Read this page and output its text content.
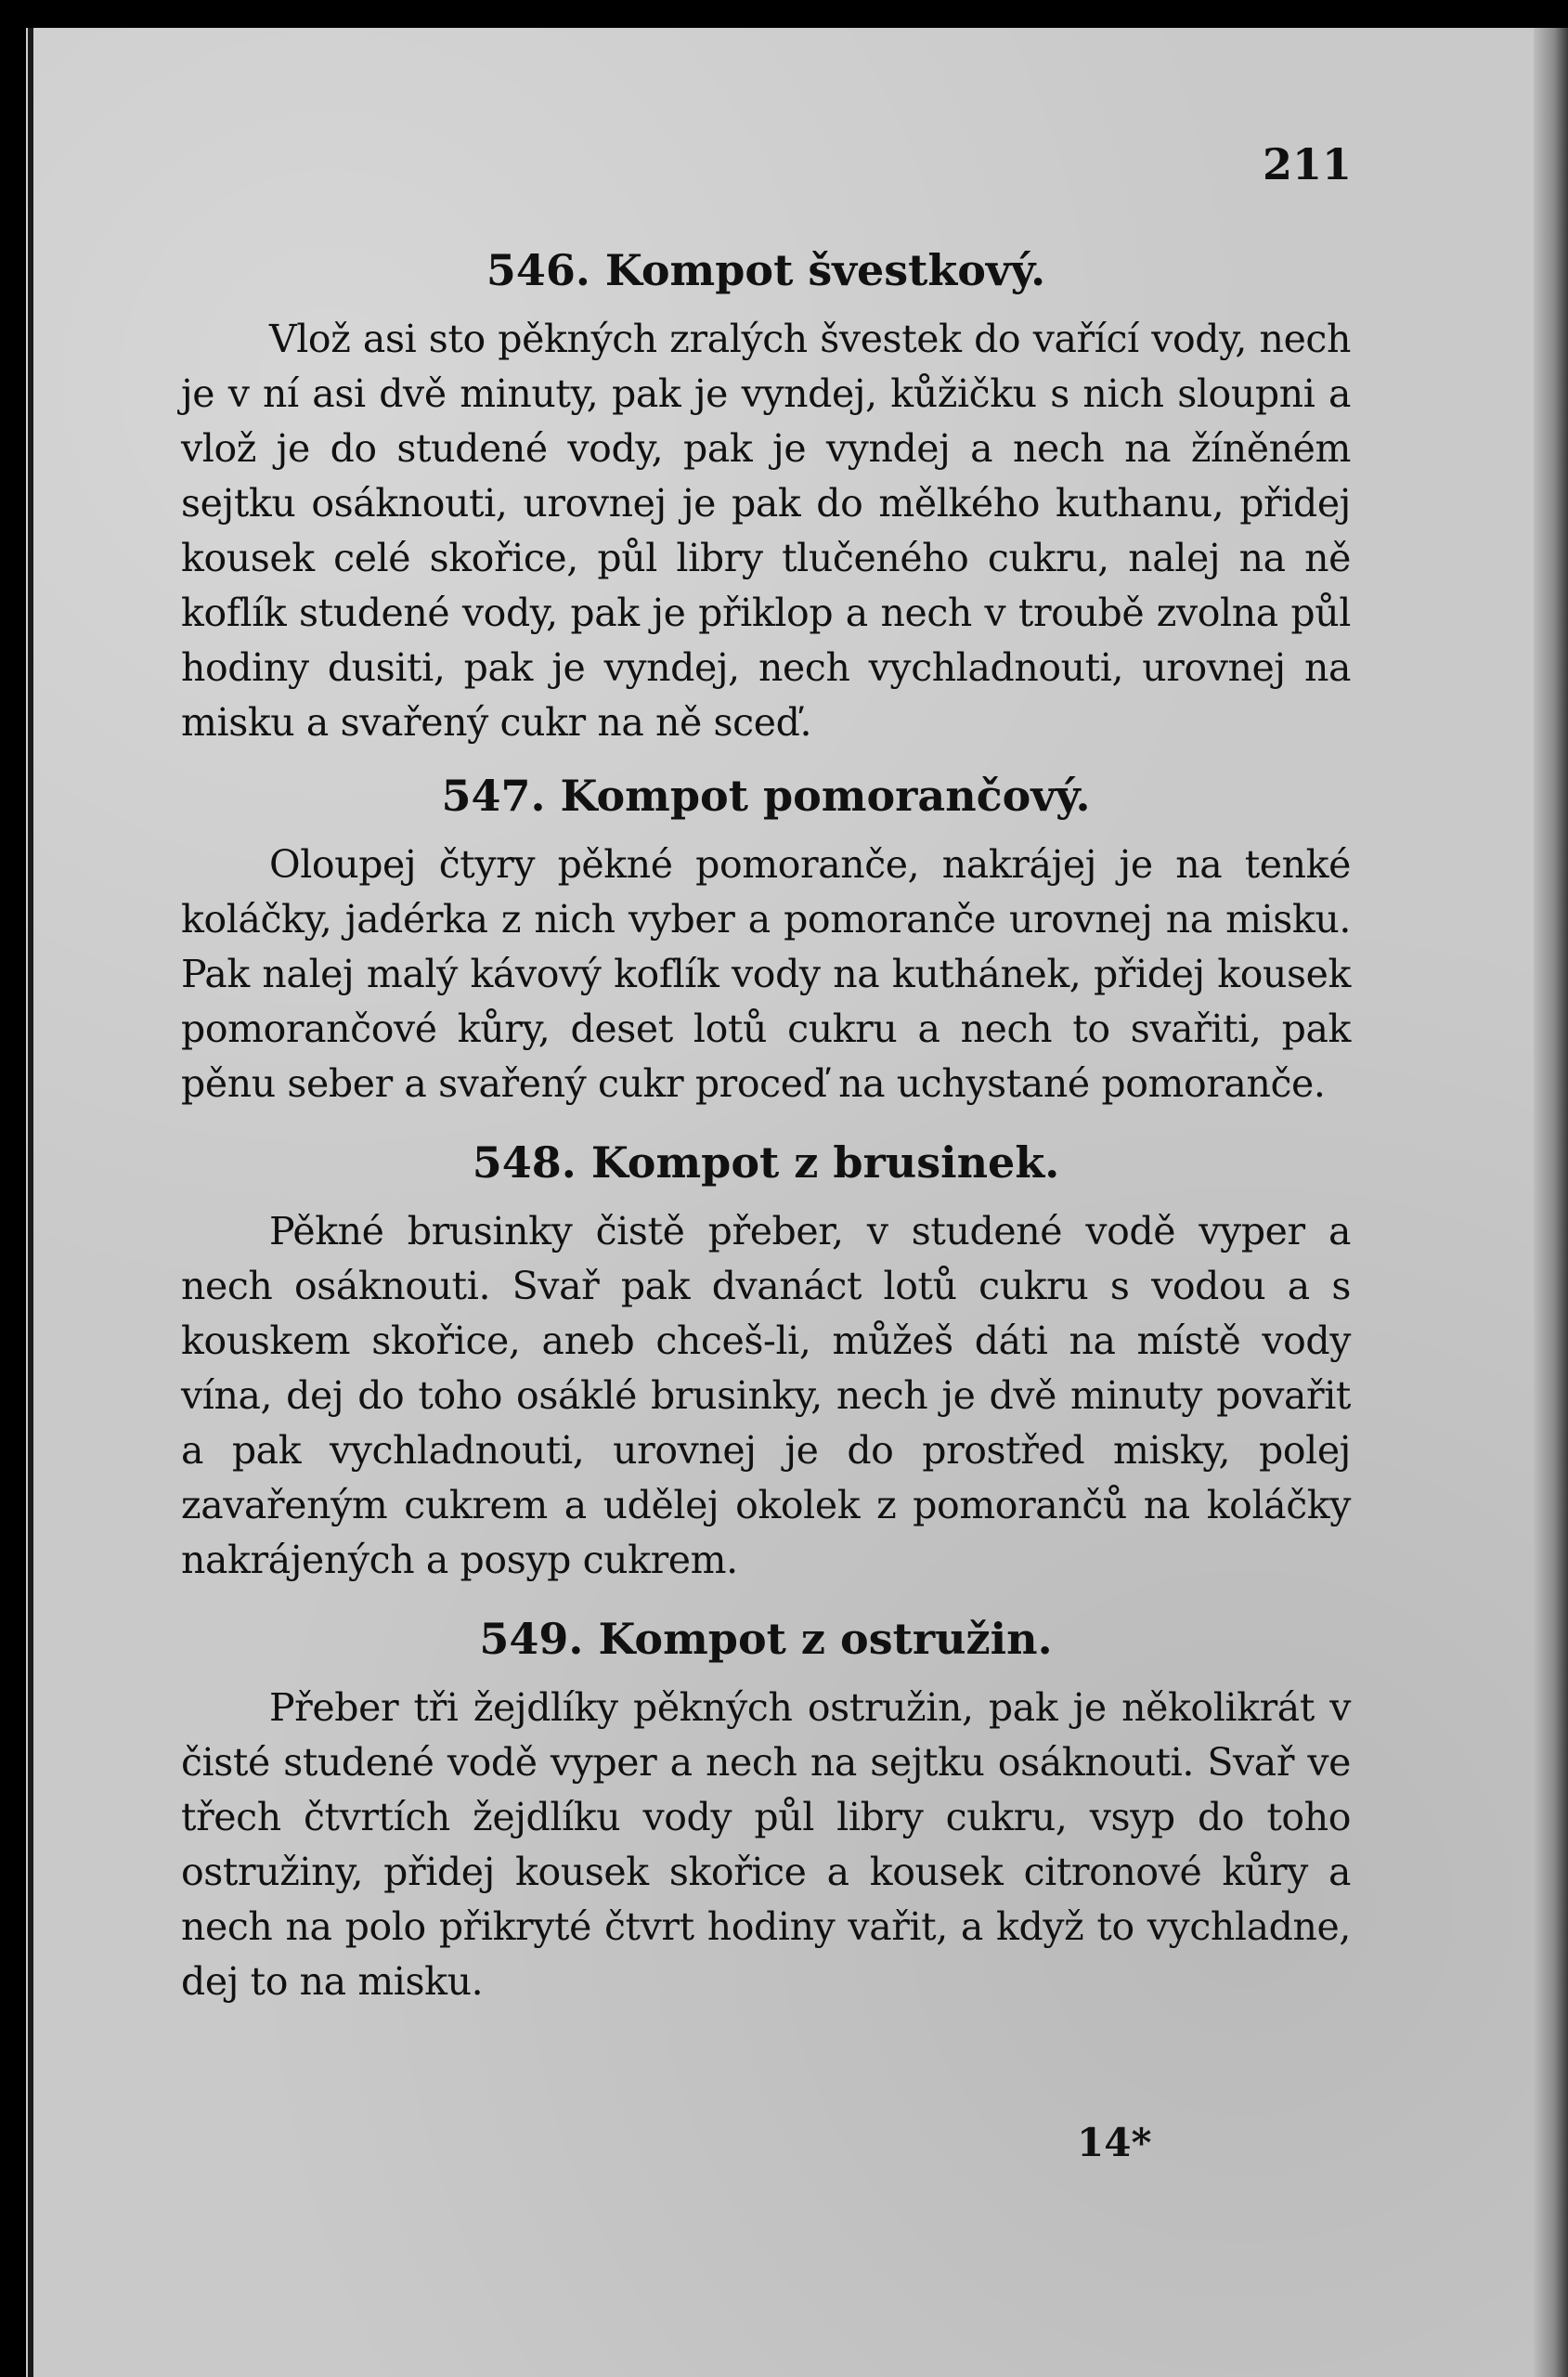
211
546. Kompot švestkový.

Vlož asi sto pěkných zralých švestek do vařící vody, nech je v ní asi dvě minuty, pak je vyndej, kůžičku s nich sloupni a vlož je do studené vody, pak je vyndej a nech na žíněném sejtku osáknouti, urovnej je pak do mělkého kuthanu, přidej kousek celé skořice, půl libry tlučeného cukru, nalej na ně koflík studené vody, pak je přiklop a nech v troubě zvolna půl hodiny dusiti, pak je vyndej, nech vychladnouti, urovnej na misku a svařený cukr na ně sceď.

547. Kompot pomorančový.

Oloupej čtyry pěkné pomoranče, nakrájej je na tenké koláčky, jadérka z nich vyber a pomoranče urovnej na misku. Pak nalej malý kávový koflík vody na kuthánek, přidej kousek pomorančové kůry, deset lotů cukru a nech to svařiti, pak pěnu seber a svařený cukr proceď na uchystané pomoranče.

548. Kompot z brusinek.

Pěkné brusinky čistě přeber, v studené vodě vyper a nech osáknouti. Svař pak dvanáct lotů cukru s vodou a s kouskem skořice, aneb chceš-li, můžeš dáti na místě vody vína, dej do toho osáklé brusinky, nech je dvě minuty povařit a pak vychladnouti, urovnej je do prostřed misky, polej zavařeným cukrem a udělej okolek z pomorančů na koláčky nakrájených a posyp cukrem.

549. Kompot z ostružin.

Přeber tři žejdlíky pěkných ostružin, pak je několikrát v čisté studené vodě vyper a nech na sejtku osáknouti. Svař ve třech čtvrtích žejdlíku vody půl libry cukru, vsyp do toho ostružiny, přidej kousek skořice a kousek citronové kůry a nech na polo přikryté čtvrt hodiny vařit, a když to vychladne, dej to na misku.

14*
